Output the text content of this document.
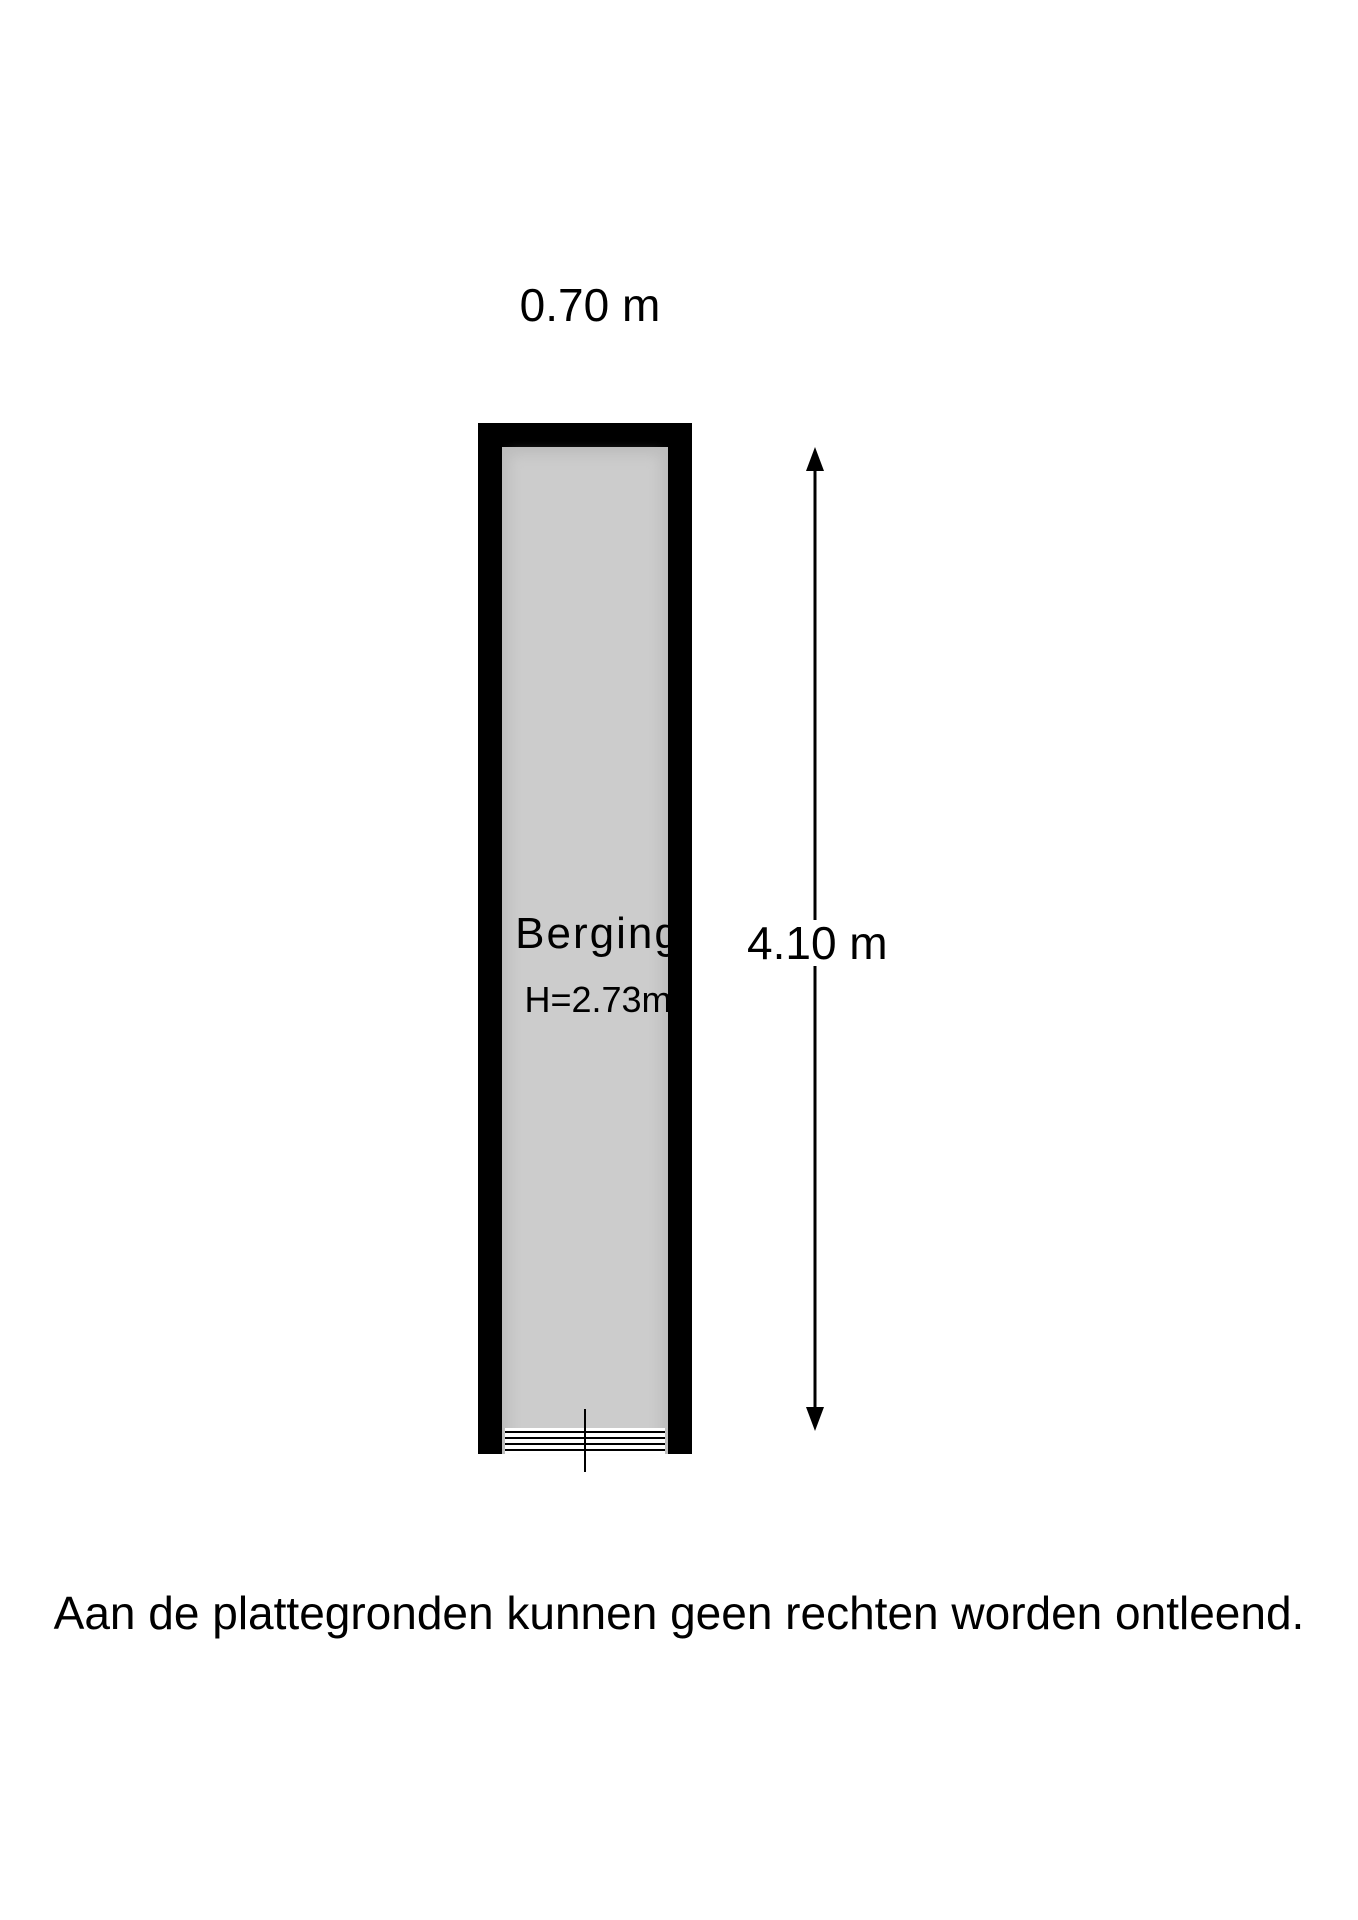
0.70 m
4.10 m
Berging
H=2.73m
Aan de plattegronden kunnen geen rechten worden ontleend.
